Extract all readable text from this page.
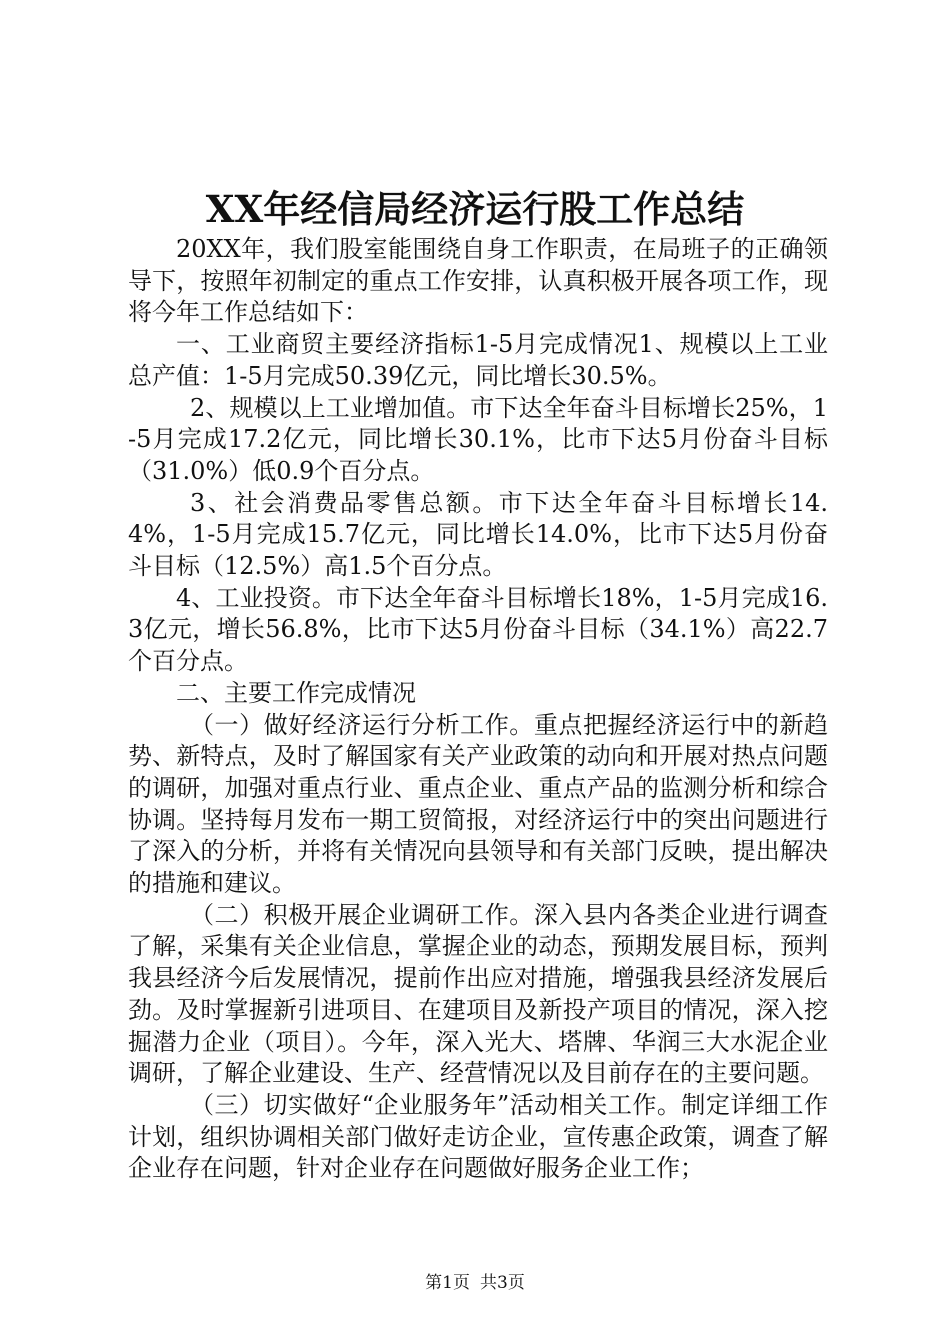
XX年经信局经济运行股工作总结

20XX年，我们股室能围绕自身工作职责，在局班子的正确领导下，按照年初制定的重点工作安排，认真积极开展各项工作，现将今年工作总结如下：

一、工业商贸主要经济指标1-5月完成情况1、规模以上工业总产值：1-5月完成50.39亿元，同比增长30.5%。

2、规模以上工业增加值。市下达全年奋斗目标增长25%，1-5月完成17.2亿元，同比增长30.1%，比市下达5月份奋斗目标（31.0%）低0.9个百分点。

3、社会消费品零售总额。市下达全年奋斗目标增长14.4%，1-5月完成15.7亿元，同比增长14.0%，比市下达5月份奋斗目标（12.5%）高1.5个百分点。

4、工业投资。市下达全年奋斗目标增长18%，1-5月完成16.3亿元，增长56.8%，比市下达5月份奋斗目标（34.1%）高22.7个百分点。

二、主要工作完成情况

（一）做好经济运行分析工作。重点把握经济运行中的新趋势、新特点，及时了解国家有关产业政策的动向和开展对热点问题的调研，加强对重点行业、重点企业、重点产品的监测分析和综合协调。坚持每月发布一期工贸简报，对经济运行中的突出问题进行了深入的分析，并将有关情况向县领导和有关部门反映，提出解决的措施和建议。

（二）积极开展企业调研工作。深入县内各类企业进行调查了解，采集有关企业信息，掌握企业的动态，预期发展目标，预判我县经济今后发展情况，提前作出应对措施，增强我县经济发展后劲。及时掌握新引进项目、在建项目及新投产项目的情况，深入挖掘潜力企业（项目）。今年，深入光大、塔牌、华润三大水泥企业调研，了解企业建设、生产、经营情况以及目前存在的主要问题。

（三）切实做好“企业服务年”活动相关工作。制定详细工作计划，组织协调相关部门做好走访企业，宣传惠企政策，调查了解企业存在问题，针对企业存在问题做好服务企业工作；

第1页 共3页
